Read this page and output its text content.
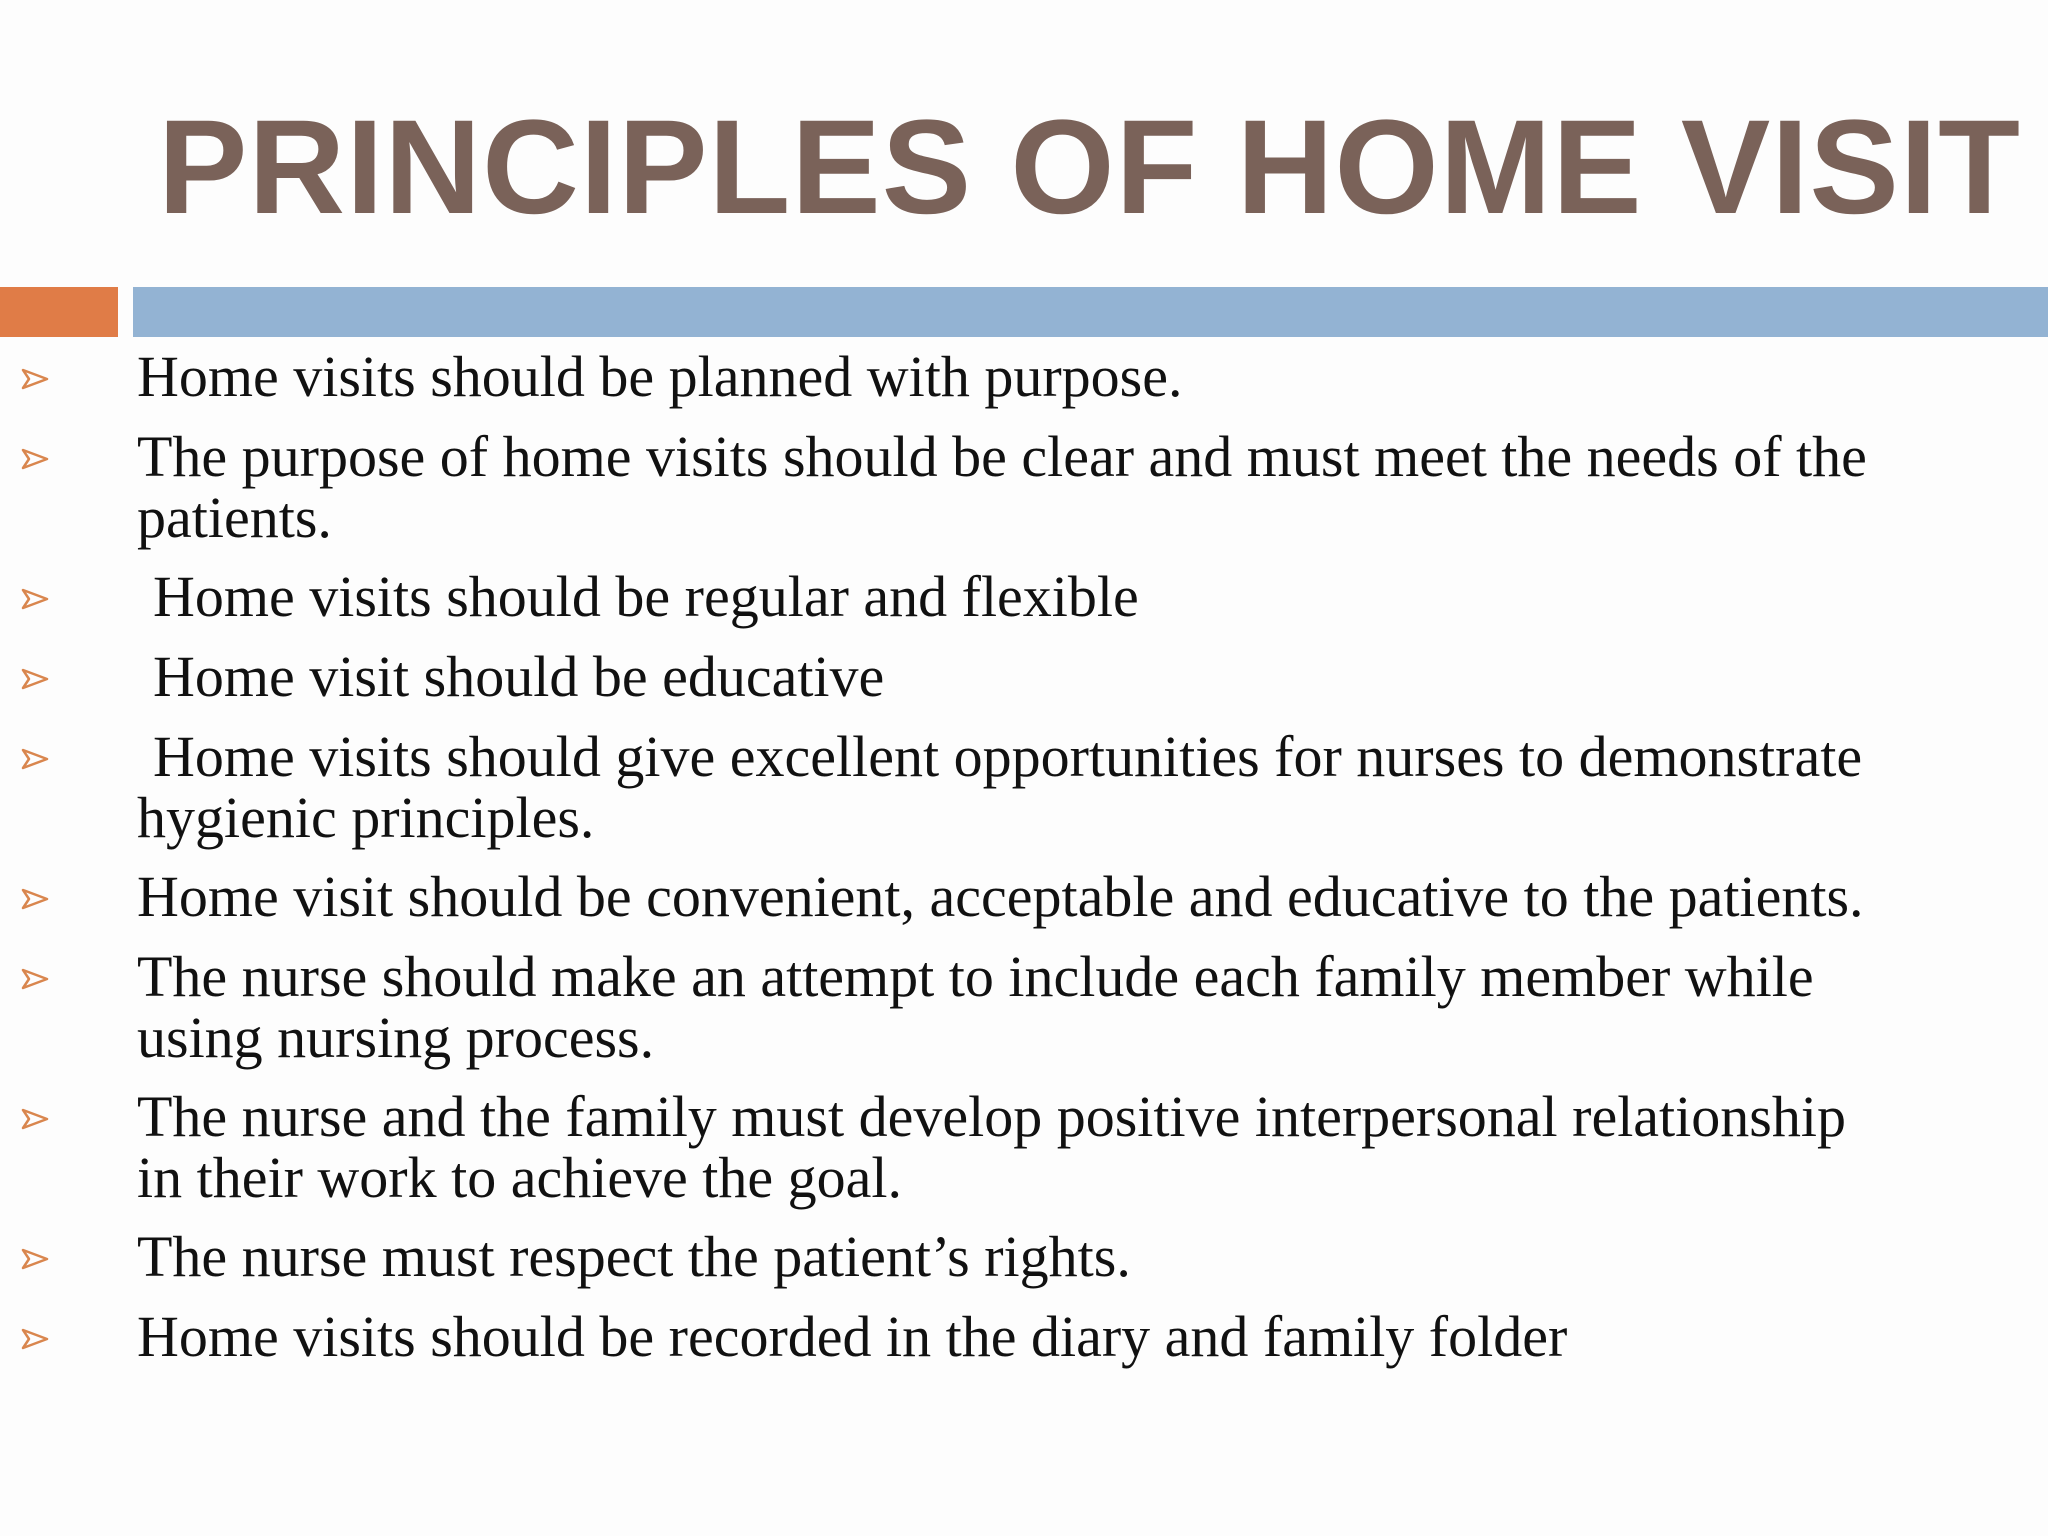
PRINCIPLES OF HOME VISIT

Home visits should be planned with purpose.

The purpose of home visits should be clear and must meet the needs of the
patients.

Home visits should be regular and flexible

Home visit should be educative

Home visits should give excellent opportunities for nurses to demonstrate
hygienic principles.

Home visit should be convenient, acceptable and educative to the patients.

The nurse should make an attempt to include each family member while
using nursing process.

The nurse and the family must develop positive interpersonal relationship
in their work to achieve the goal.

The nurse must respect the patient’s rights.

Home visits should be recorded in the diary and family folder
